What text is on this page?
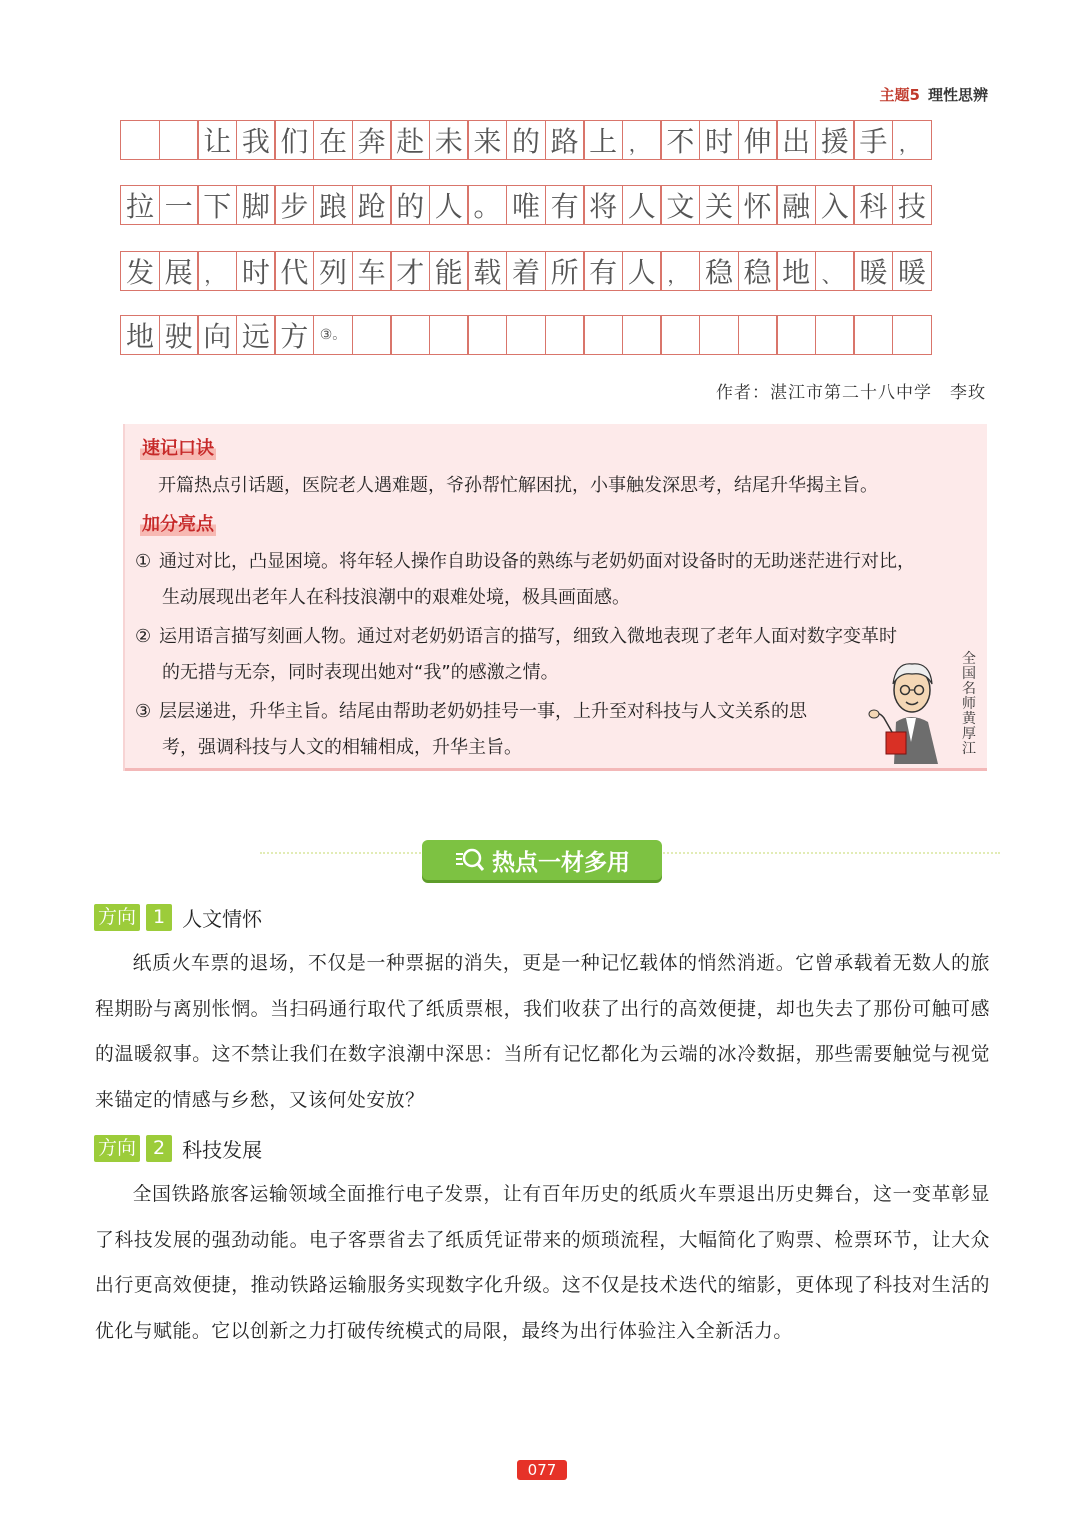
主题5 理性思辨
让 我 们 在 奔 赴 未 来 的 路 上 ， 不 时 伸 出 援 手 ，
拉 一 下 脚 步 踉 跄 的 人 。 唯 有 将 人 文 关 怀 融 入 科 技
发 展 ， 时 代 列 车 才 能 载 着 所 有 人 ， 稳 稳 地 、 暖 暖
地 驶 向 远 方 ③。
作者：湛江市第二十八中学　李玫
速记口诀
开篇热点引话题，医院老人遇难题，爷孙帮忙解困扰，小事触发深思考，结尾升华揭主旨。
加分亮点
① 通过对比，凸显困境。将年轻人操作自助设备的熟练与老奶奶面对设备时的无助迷茫进行对比，
生动展现出老年人在科技浪潮中的艰难处境，极具画面感。
② 运用语言描写刻画人物。通过对老奶奶语言的描写，细致入微地表现了老年人面对数字变革时
的无措与无奈，同时表现出她对“我”的感激之情。
③ 层层递进，升华主旨。结尾由帮助老奶奶挂号一事，上升至对科技与人文关系的思
考，强调科技与人文的相辅相成，升华主旨。
全国名师黄厚江
热点一材多用
方向 1 人文情怀
纸质火车票的退场，不仅是一种票据的消失，更是一种记忆载体的悄然消逝。它曾承载着无数人的旅程期盼与离别怅惘。当扫码通行取代了纸质票根，我们收获了出行的高效便捷，却也失去了那份可触可感的温暖叙事。这不禁让我们在数字浪潮中深思：当所有记忆都化为云端的冰冷数据，那些需要触觉与视觉来锚定的情感与乡愁，又该何处安放？
方向 2 科技发展
全国铁路旅客运输领域全面推行电子发票，让有百年历史的纸质火车票退出历史舞台，这一变革彰显了科技发展的强劲动能。电子客票省去了纸质凭证带来的烦琐流程，大幅简化了购票、检票环节，让大众出行更高效便捷，推动铁路运输服务实现数字化升级。这不仅是技术迭代的缩影，更体现了科技对生活的优化与赋能。它以创新之力打破传统模式的局限，最终为出行体验注入全新活力。
077
